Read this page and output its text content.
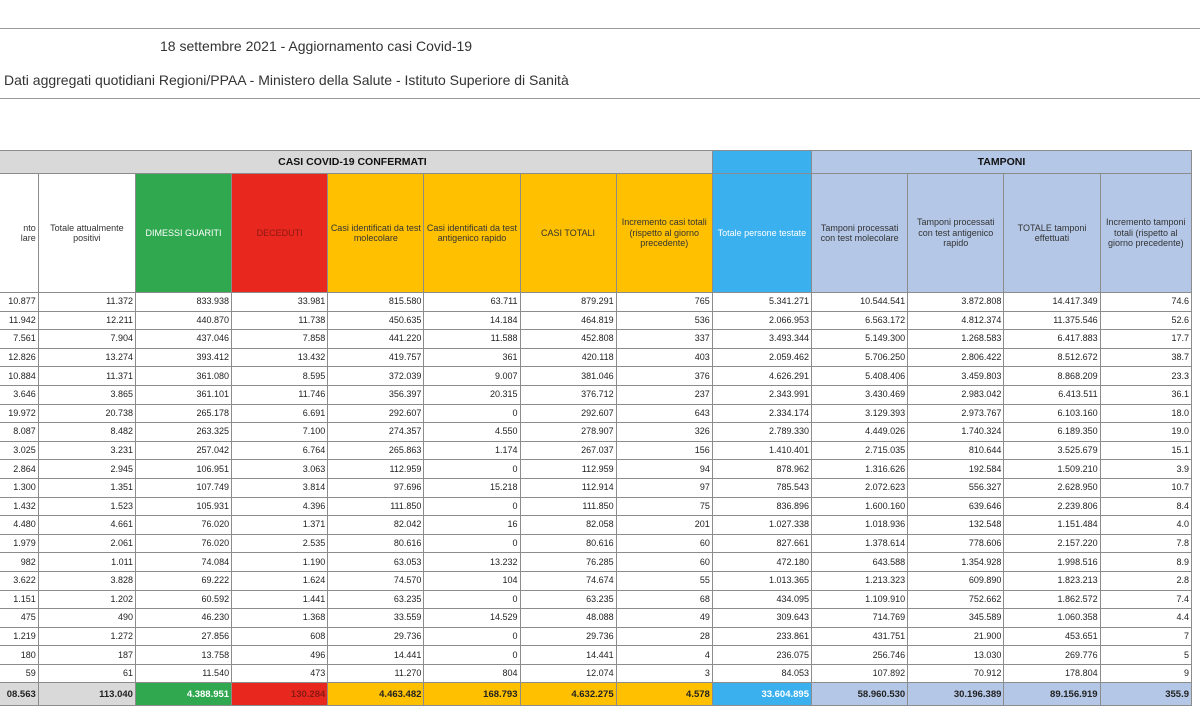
18 settembre 2021 - Aggiornamento casi Covid-19
Dati aggregati quotidiani Regioni/PPAA - Ministero della Salute - Istituto Superiore di Sanità
CASI COVID-19 CONFERMATI									TAMPONI			
nto
lare	Totale attualmente positivi	DIMESSI GUARITI	DECEDUTI	Casi identificati da test molecolare	Casi identificati da test antigenico rapido	CASI TOTALI	Incremento casi totali (rispetto al giorno precedente)	Totale persone testate	Tamponi processati con test molecolare	Tamponi processati con test antigenico rapido	TOTALE tamponi effettuati	Incremento tamponi totali (rispetto al giorno precedente)
10.877	11.372	833.938	33.981	815.580	63.711	879.291	765	5.341.271	10.544.541	3.872.808	14.417.349	74.6
11.942	12.211	440.870	11.738	450.635	14.184	464.819	536	2.066.953	6.563.172	4.812.374	11.375.546	52.6
7.561	7.904	437.046	7.858	441.220	11.588	452.808	337	3.493.344	5.149.300	1.268.583	6.417.883	17.7
12.826	13.274	393.412	13.432	419.757	361	420.118	403	2.059.462	5.706.250	2.806.422	8.512.672	38.7
10.884	11.371	361.080	8.595	372.039	9.007	381.046	376	4.626.291	5.408.406	3.459.803	8.868.209	23.3
3.646	3.865	361.101	11.746	356.397	20.315	376.712	237	2.343.991	3.430.469	2.983.042	6.413.511	36.1
19.972	20.738	265.178	6.691	292.607	0	292.607	643	2.334.174	3.129.393	2.973.767	6.103.160	18.0
8.087	8.482	263.325	7.100	274.357	4.550	278.907	326	2.789.330	4.449.026	1.740.324	6.189.350	19.0
3.025	3.231	257.042	6.764	265.863	1.174	267.037	156	1.410.401	2.715.035	810.644	3.525.679	15.1
2.864	2.945	106.951	3.063	112.959	0	112.959	94	878.962	1.316.626	192.584	1.509.210	3.9
1.300	1.351	107.749	3.814	97.696	15.218	112.914	97	785.543	2.072.623	556.327	2.628.950	10.7
1.432	1.523	105.931	4.396	111.850	0	111.850	75	836.896	1.600.160	639.646	2.239.806	8.4
4.480	4.661	76.020	1.371	82.042	16	82.058	201	1.027.338	1.018.936	132.548	1.151.484	4.0
1.979	2.061	76.020	2.535	80.616	0	80.616	60	827.661	1.378.614	778.606	2.157.220	7.8
982	1.011	74.084	1.190	63.053	13.232	76.285	60	472.180	643.588	1.354.928	1.998.516	8.9
3.622	3.828	69.222	1.624	74.570	104	74.674	55	1.013.365	1.213.323	609.890	1.823.213	2.8
1.151	1.202	60.592	1.441	63.235	0	63.235	68	434.095	1.109.910	752.662	1.862.572	7.4
475	490	46.230	1.368	33.559	14.529	48.088	49	309.643	714.769	345.589	1.060.358	4.4
1.219	1.272	27.856	608	29.736	0	29.736	28	233.861	431.751	21.900	453.651	7
180	187	13.758	496	14.441	0	14.441	4	236.075	256.746	13.030	269.776	5
59	61	11.540	473	11.270	804	12.074	3	84.053	107.892	70.912	178.804	9
08.563	113.040	4.388.951	130.284	4.463.482	168.793	4.632.275	4.578	33.604.895	58.960.530	30.196.389	89.156.919	355.9
